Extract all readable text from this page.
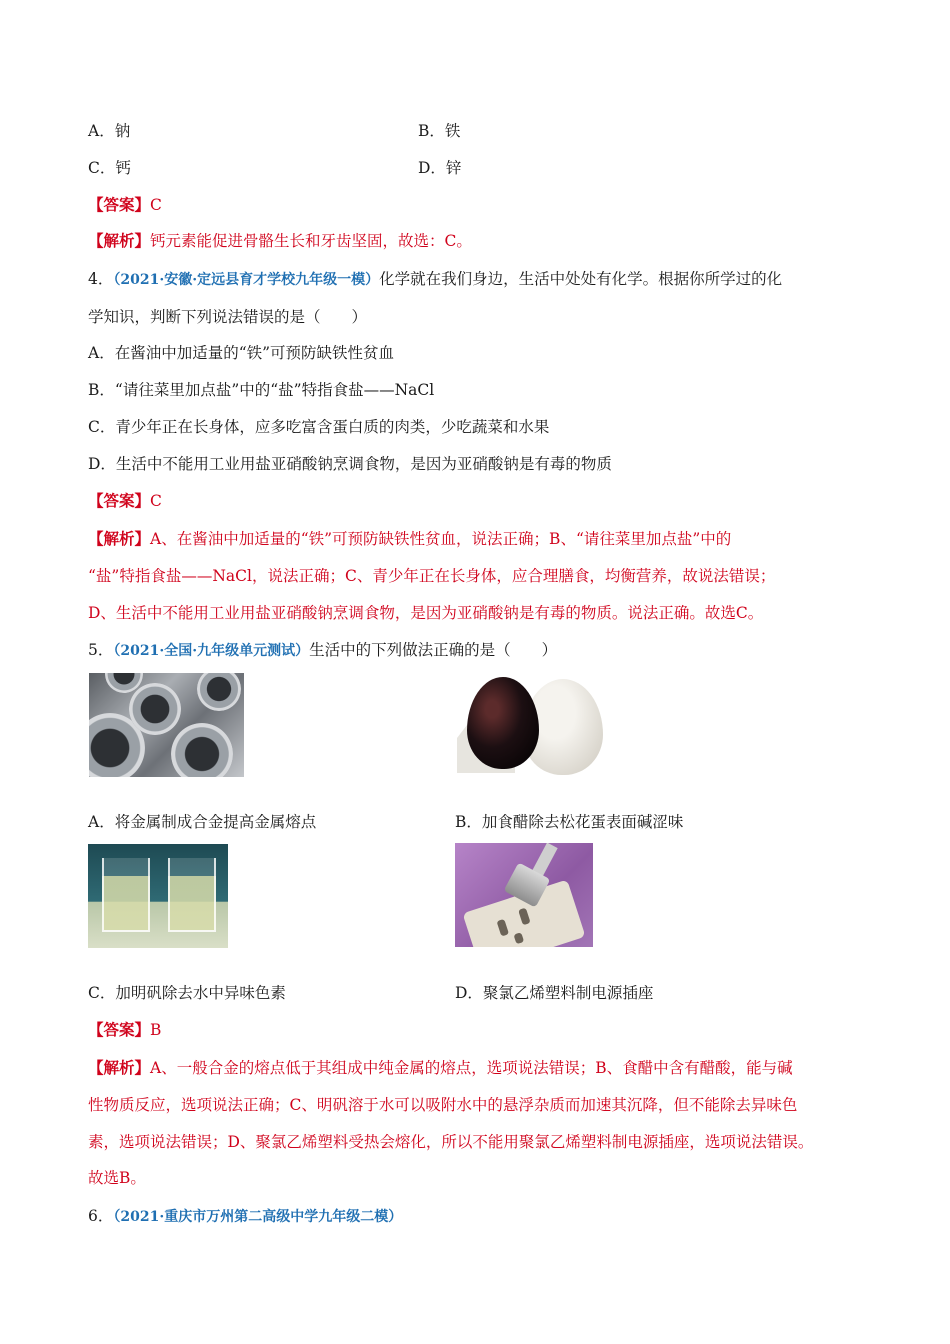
A．钠	B．铁
C．钙	D．锌
【答案】C
【解析】钙元素能促进骨骼生长和牙齿坚固，故选：C。
4．（2021·安徽·定远县育才学校九年级一模）化学就在我们身边，生活中处处有化学。根据你所学过的化
学知识，判断下列说法错误的是（　　）
A．在酱油中加适量的“铁”可预防缺铁性贫血
B．“请往菜里加点盐”中的“盐”特指食盐——NaCl
C．青少年正在长身体，应多吃富含蛋白质的肉类，少吃蔬菜和水果
D．生活中不能用工业用盐亚硝酸钠烹调食物，是因为亚硝酸钠是有毒的物质
【答案】C
【解析】A、在酱油中加适量的“铁”可预防缺铁性贫血，说法正确；B、“请往菜里加点盐”中的
“盐”特指食盐——NaCl，说法正确；C、青少年正在长身体，应合理膳食，均衡营养，故说法错误；
D、生活中不能用工业用盐亚硝酸钠烹调食物，是因为亚硝酸钠是有毒的物质。说法正确。故选C。
5．（2021·全国·九年级单元测试）生活中的下列做法正确的是（　　）
A．将金属制成合金提高金属熔点	B．加食醋除去松花蛋表面碱涩味
C．加明矾除去水中异味色素	D．聚氯乙烯塑料制电源插座
【答案】B
【解析】A、一般合金的熔点低于其组成中纯金属的熔点，选项说法错误；B、食醋中含有醋酸，能与碱
性物质反应，选项说法正确；C、明矾溶于水可以吸附水中的悬浮杂质而加速其沉降，但不能除去异味色
素，选项说法错误；D、聚氯乙烯塑料受热会熔化，所以不能用聚氯乙烯塑料制电源插座，选项说法错误。
故选B。
6．（2021·重庆市万州第二高级中学九年级二模）
